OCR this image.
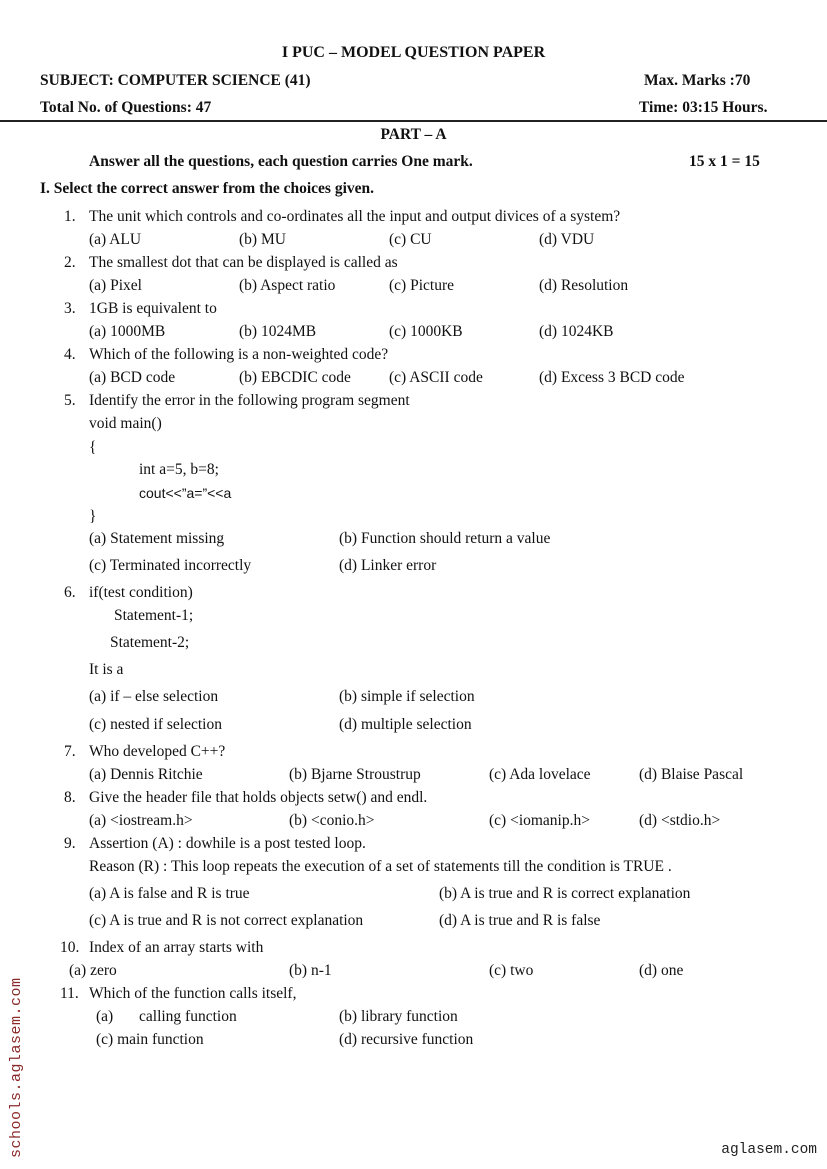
I PUC – MODEL QUESTION PAPER
SUBJECT: COMPUTER SCIENCE (41)	Max. Marks :70
Total No. of Questions: 47	Time: 03:15 Hours.
PART – A
Answer all the questions, each question carries One mark.	15 x 1 = 15
I. Select the correct answer from the choices given.
1. The unit which controls and co-ordinates all the input and output divices of a system?
(a) ALU	(b) MU	(c) CU	(d) VDU
2. The smallest dot that can be displayed is called as
(a) Pixel	(b) Aspect ratio	(c) Picture	(d) Resolution
3. 1GB is equivalent to
(a) 1000MB	(b) 1024MB	(c) 1000KB	(d) 1024KB
4. Which of the following is a non-weighted code?
(a) BCD code	(b) EBCDIC code (c) ASCII code	(d) Excess 3 BCD code
5. Identify the error in the following program segment
void main()
{
int a=5, b=8;
cout<<”a=”<<a
}
(a) Statement missing	(b) Function should return a value
(c) Terminated incorrectly	(d) Linker error
6. if(test condition)
Statement-1;
Statement-2;
It is a
(a) if – else selection	(b) simple if selection
(c) nested if selection	(d) multiple selection
7. Who developed C++?
(a) Dennis Ritchie	(b) Bjarne Stroustrup	(c) Ada lovelace	(d) Blaise Pascal
8. Give the header file that holds objects setw() and endl.
(a) <iostream.h>	(b) <conio.h>	(c) <iomanip.h>	(d) <stdio.h>
9. Assertion (A) : dowhile is a post tested loop.
Reason (R) : This loop repeats the execution of a set of statements till the condition is TRUE .
(a) A is false and R is true	(b) A is true and R is correct explanation
(c) A is true and R is not correct explanation	(d) A is true and R is false
10. Index of an array starts with
(a) zero	(b) n-1	(c) two	(d) one
11. Which of the function calls itself,
(a) calling function	(b) library function
(c) main function	(d) recursive function
schools.aglasem.com	aglasem.com
